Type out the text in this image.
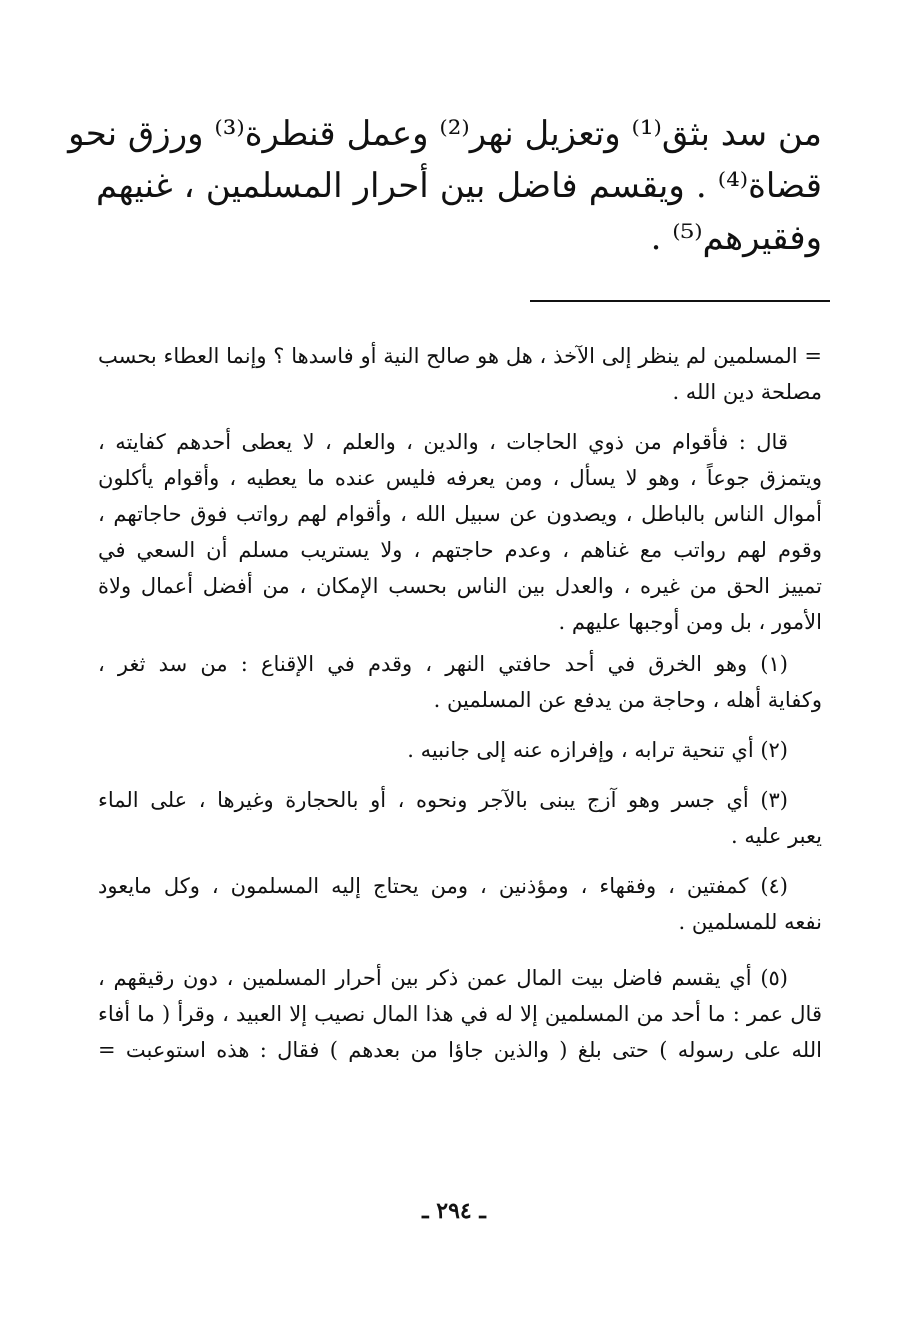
من سد بثق⁽¹⁾ وتعزيل نهر⁽²⁾ وعمل قنطرة⁽³⁾ ورزق نحو
قضاة⁽⁴⁾ . ويقسم فاضل بين أحرار المسلمين ، غنيهم
وفقيرهم⁽⁵⁾ .
= المسلمين لم ينظر إلى الآخذ ، هل هو صالح النية أو فاسدها ؟ وإنما العطاء بحسب
مصلحة دين الله .
قال : فأقوام من ذوي الحاجات ، والدين ، والعلم ، لا يعطى أحدهم كفايته ،
ويتمزق جوعاً ، وهو لا يسأل ، ومن يعرفه فليس عنده ما يعطيه ، وأقوام يأكلون
أموال الناس بالباطل ، ويصدون عن سبيل الله ، وأقوام لهم رواتب فوق حاجاتهم ،
وقوم لهم رواتب مع غناهم ، وعدم حاجتهم ، ولا يستريب مسلم أن السعي في
تمييز الحق من غيره ، والعدل بين الناس بحسب الإمكان ، من أفضل أعمال ولاة
الأمور ، بل ومن أوجبها عليهم .
(١) وهو الخرق في أحد حافتي النهر ، وقدم في الإقناع : من سد ثغر ،
وكفاية أهله ، وحاجة من يدفع عن المسلمين .
(٢) أي تنحية ترابه ، وإفرازه عنه إلى جانبيه .
(٣) أي جسر وهو آزج يبنى بالآجر ونحوه ، أو بالحجارة وغيرها ، على الماء
يعبر عليه .
(٤) كمفتين ، وفقهاء ، ومؤذنين ، ومن يحتاج إليه المسلمون ، وكل مايعود
نفعه للمسلمين .
(٥) أي يقسم فاضل بيت المال عمن ذكر بين أحرار المسلمين ، دون رقيقهم ،
قال عمر : ما أحد من المسلمين إلا له في هذا المال نصيب إلا العبيد ، وقرأ ( ما أفاء
الله على رسوله ) حتى بلغ ( والذين جاؤا من بعدهم ) فقال : هذه استوعبت =
ـ ٢٩٤ ـ
